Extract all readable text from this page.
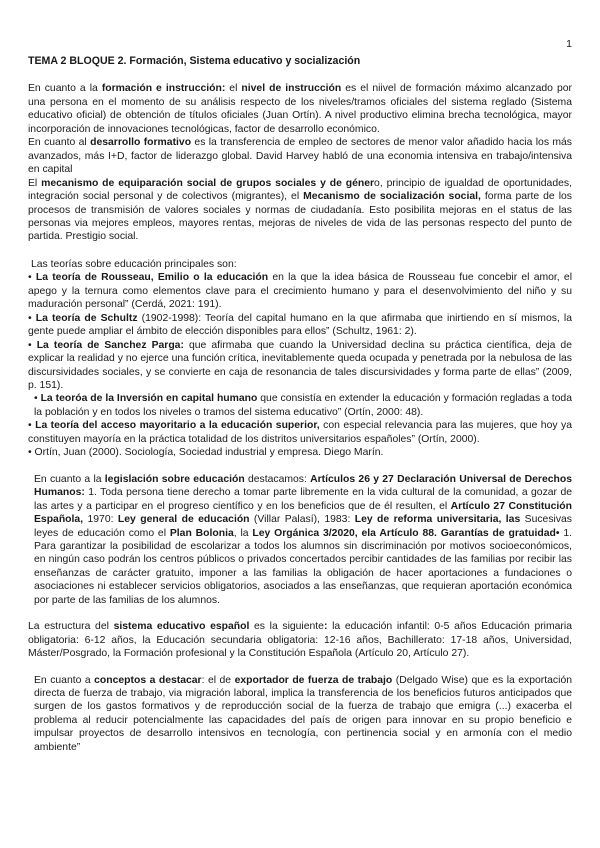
1
TEMA 2 BLOQUE 2. Formación, Sistema educativo y socialización

En cuanto a la formación e instrucción: el nivel de instrucción es el niivel de formación máximo alcanzado por una persona en el momento de su análisis respecto de los niveles/tramos oficiales del sistema reglado (Sistema educativo oficial) de obtención de títulos oficiales (Juan Ortín). A nivel productivo elimina brecha tecnológica, mayor incorporación de innovaciones tecnológicas, factor de desarrollo económico.

En cuanto al desarrollo formativo es la transferencia de empleo de sectores de menor valor añadido hacia los más avanzados, más I+D, factor de liderazgo global. David Harvey habló de una economia intensiva en trabajo/intensiva en capital

El mecanismo de equiparación social de grupos sociales y de género, principio de igualdad de oportunidades, integración social personal y de colectivos (migrantes), el Mecanismo de socialización social, forma parte de los procesos de transmisión de valores sociales y normas de ciudadanía. Esto posibilita mejoras en el status de las personas via mejores empleos, mayores rentas, mejoras de niveles de vida de las personas respecto del punto de partida. Prestigio social.

Las teorías sobre educación principales son:

• La teoría de Rousseau, Emilio o la educación en la que la idea básica de Rousseau fue concebir el amor, el apego y la ternura como elementos clave para el crecimiento humano y para el desenvolvimiento del niño y su maduración personal” (Cerdá, 2021: 191).

• La teoría de Schultz (1902-1998): Teoría del capital humano en la que afirmaba que inirtiendo en sí mismos, la gente puede ampliar el ámbito de elección disponibles para ellos” (Schultz, 1961: 2).

• La teoría de Sanchez Parga: que afirmaba que cuando la Universidad declina su práctica científica, deja de explicar la realidad y no ejerce una función crítica, inevitablemente queda ocupada y penetrada por la nebulosa de las discursividades sociales, y se convierte en caja de resonancia de tales discursividades y forma parte de ellas” (2009, p. 151).

• La teoróa de la Inversión en capital humano que consistía en extender la educación y formación regladas a toda la población y en todos los niveles o tramos del sistema educativo” (Ortín, 2000: 48).

• La teoría del acceso mayoritario a la educación superior, con especial relevancia para las mujeres, que hoy ya constituyen mayoría en la práctica totalidad de los distritos universitarios españoles” (Ortín, 2000).

• Ortín, Juan (2000). Sociología, Sociedad industrial y empresa. Diego Marín.

En cuanto a la legislación sobre educación destacamos: Artículos 26 y 27 Declaración Universal de Derechos Humanos: 1. Toda persona tiene derecho a tomar parte libremente en la vida cultural de la comunidad, a gozar de las artes y a participar en el progreso científico y en los beneficios que de él resulten, el Artículo 27 Constitución Española, 1970: Ley general de educación (Villar Palasí), 1983: Ley de reforma universitaria, las Sucesivas leyes de educación como el Plan Bolonia, la Ley Orgánica 3/2020, ela Artículo 88. Garantías de gratuidad• 1. Para garantizar la posibilidad de escolarizar a todos los alumnos sin discriminación por motivos socioeconómicos, en ningún caso podrán los centros públicos o privados concertados percibir cantidades de las familias por recibir las enseñanzas de carácter gratuito, imponer a las familias la obligación de hacer aportaciones a fundaciones o asociaciones ni establecer servicios obligatorios, asociados a las enseñanzas, que requieran aportación económica por parte de las familias de los alumnos.

La estructura del sistema educativo español es la siguiente: la educación infantil: 0-5 años Educación primaria obligatoria: 6-12 años, la Educación secundaria obligatoria: 12-16 años, Bachillerato: 17-18 años, Universidad, Máster/Posgrado, la Formación profesional y la Constitución Española (Artículo 20, Artículo 27).

En cuanto a conceptos a destacar: el de exportador de fuerza de trabajo (Delgado Wise) que es la exportación directa de fuerza de trabajo, via migración laboral, implica la transferencia de los beneficios futuros anticipados que surgen de los gastos formativos y de reproducción social de la fuerza de trabajo que emigra (...) exacerba el problema al reducir potencialmente las capacidades del país de origen para innovar en su propio beneficio e impulsar proyectos de desarrollo intensivos en tecnología, con pertinencia social y en armonía con el medio ambiente”
